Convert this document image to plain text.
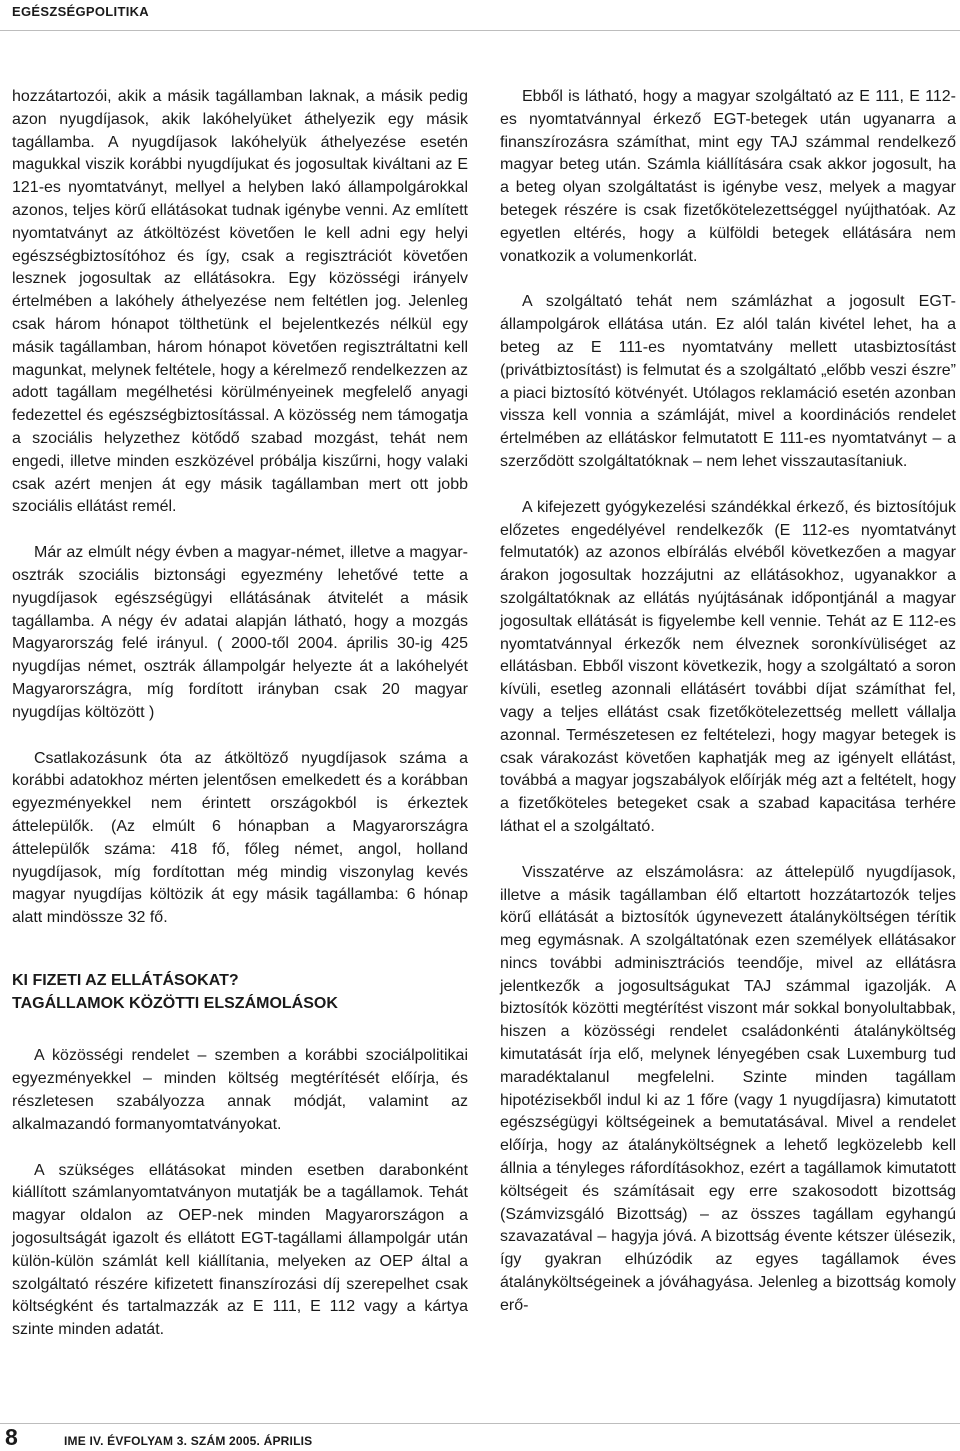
EGÉSZSÉGPOLITIKA

hozzátartozói, akik a másik tagállamban laknak, a másik pedig azon nyugdíjasok, akik lakóhelyüket áthelyezik egy másik tagállamba. A nyugdíjasok lakóhelyük áthelyezése esetén magukkal viszik korábbi nyugdíjukat és jogosultak kiváltani az E 121-es nyomtatványt, mellyel a helyben lakó állampolgárokkal azonos, teljes körű ellátásokat tudnak igénybe venni. Az említett nyomtatványt az átköltözést követően le kell adni egy helyi egészségbiztosítóhoz és így, csak a regisztrációt követően lesznek jogosultak az ellátásokra. Egy közösségi irányelv értelmében a lakóhely áthelyezése nem feltétlen jog. Jelenleg csak három hónapot tölthetünk el bejelentkezés nélkül egy másik tagállamban, három hónapot követően regisztráltatni kell magunkat, melynek feltétele, hogy a kérelmező rendelkezzen az adott tagállam megélhetési körülményeinek megfelelő anyagi fedezettel és egészségbiztosítással. A közösség nem támogatja a szociális helyzethez kötődő szabad mozgást, tehát nem engedi, illetve minden eszközével próbálja kiszűrni, hogy valaki csak azért menjen át egy másik tagállamban mert ott jobb szociális ellátást remél.

Már az elmúlt négy évben a magyar-német, illetve a magyar-osztrák szociális biztonsági egyezmény lehetővé tette a nyugdíjasok egészségügyi ellátásának átvitelét a másik tagállamba. A négy év adatai alapján látható, hogy a mozgás Magyarország felé irányul. ( 2000-től 2004. április 30-ig 425 nyugdíjas német, osztrák állampolgár helyezte át a lakóhelyét Magyarországra, míg fordított irányban csak 20 magyar nyugdíjas költözött )

Csatlakozásunk óta az átköltöző nyugdíjasok száma a korábbi adatokhoz mérten jelentősen emelkedett és a korábban egyezményekkel nem érintett országokból is érkeztek áttelepülők. (Az elmúlt 6 hónapban a Magyarországra áttelepülők száma: 418 fő, főleg német, angol, holland nyugdíjasok, míg fordítottan még mindig viszonylag kevés magyar nyugdíjas költözik át egy másik tagállamba: 6 hónap alatt mindössze 32 fő.

KI FIZETI AZ ELLÁTÁSOKAT?
TAGÁLLAMOK KÖZÖTTI ELSZÁMOLÁSOK

A közösségi rendelet – szemben a korábbi szociálpolitikai egyezményekkel – minden költség megtérítését előírja, és részletesen szabályozza annak módját, valamint az alkalmazandó formanyomtatványokat.

A szükséges ellátásokat minden esetben darabonként kiállított számlanyomtatványon mutatják be a tagállamok. Tehát magyar oldalon az OEP-nek minden Magyarországon a jogosultságát igazolt és ellátott EGT-tagállami állampolgár után külön-külön számlát kell kiállítania, melyeken az OEP által a szolgáltató részére kifizetett finanszírozási díj szerepelhet csak költségként és tartalmazzák az E 111, E 112 vagy a kártya szinte minden adatát.

Ebből is látható, hogy a magyar szolgáltató az E 111, E 112-es nyomtatvánnyal érkező EGT-betegek után ugyanarra a finanszírozásra számíthat, mint egy TAJ számmal rendelkező magyar beteg után. Számla kiállítására csak akkor jogosult, ha a beteg olyan szolgáltatást is igénybe vesz, melyek a magyar betegek részére is csak fizetőkötelezettséggel nyújthatóak. Az egyetlen eltérés, hogy a külföldi betegek ellátására nem vonatkozik a volumenkorlát.

A szolgáltató tehát nem számlázhat a jogosult EGT-állampolgárok ellátása után. Ez alól talán kivétel lehet, ha a beteg az E 111-es nyomtatvány mellett utasbiztosítást (privátbiztosítást) is felmutat és a szolgáltató „előbb veszi észre” a piaci biztosító kötvényét. Utólagos reklamáció esetén azonban vissza kell vonnia a számláját, mivel a koordinációs rendelet értelmében az ellátáskor felmutatott E 111-es nyomtatványt – a szerződött szolgáltatóknak – nem lehet visszautasítaniuk.

A kifejezett gyógykezelési szándékkal érkező, és biztosítójuk előzetes engedélyével rendelkezők (E 112-es nyomtatványt felmutatók) az azonos elbírálás elvéből következően a magyar árakon jogosultak hozzájutni az ellátásokhoz, ugyanakkor a szolgáltatóknak az ellátás nyújtásának időpontjánál a magyar jogosultak ellátását is figyelembe kell venniе. Tehát az E 112-es nyomtatvánnyal érkezők nem élveznek soronkívüliséget az ellátásban. Ebből viszont következik, hogy a szolgáltató a soron kívüli, esetleg azonnali ellátásért további díjat számíthat fel, vagy a teljes ellátást csak fizetőkötelezettség mellett vállalja azonnal. Természetesen ez feltételezi, hogy magyar betegek is csak várakozást követően kaphatják meg az igényelt ellátást, továbbá a magyar jogszabályok előírják még azt a feltételt, hogy a fizetőköteles betegeket csak a szabad kapacitása terhére láthat el a szolgáltató.

Visszatérve az elszámolásra: az áttelepülő nyugdíjasok, illetve a másik tagállamban élő eltartott hozzátartozók teljes körű ellátását a biztosítók úgynevezett átalányköltségen térítik meg egymásnak. A szolgáltatónak ezen személyek ellátásakor nincs további adminisztrációs teendője, mivel az ellátásra jelentkezők a jogosultságukat TAJ számmal igazolják. A biztosítók közötti megtérítést viszont már sokkal bonyolultabbak, hiszen a közösségi rendelet családonkénti átalányköltség kimutatását írja elő, melynek lényegében csak Luxemburg tud maradéktalanul megfelelni. Szinte minden tagállam hipotézisekből indul ki az 1 főre (vagy 1 nyugdíjasra) kimutatott egészségügyi költségeinek a bemutatásával. Mivel a rendelet előírja, hogy az átalányköltségnek a lehető legközelebb kell állnia a tényleges ráfordításokhoz, ezért a tagállamok kimutatott költségeit és számításait egy erre szakosodott bizottság (Számvizsgáló Bizottság) – az összes tagállam egyhangú szavazatával – hagyja jóvá. A bizottság évente kétszer ülésezik, így gyakran elhúzódik az egyes tagállamok éves átalányköltségeinek a jóváhagyása. Jelenleg a bizottság komoly erő-

8	IME IV. ÉVFOLYAM 3. SZÁM 2005. ÁPRILIS
